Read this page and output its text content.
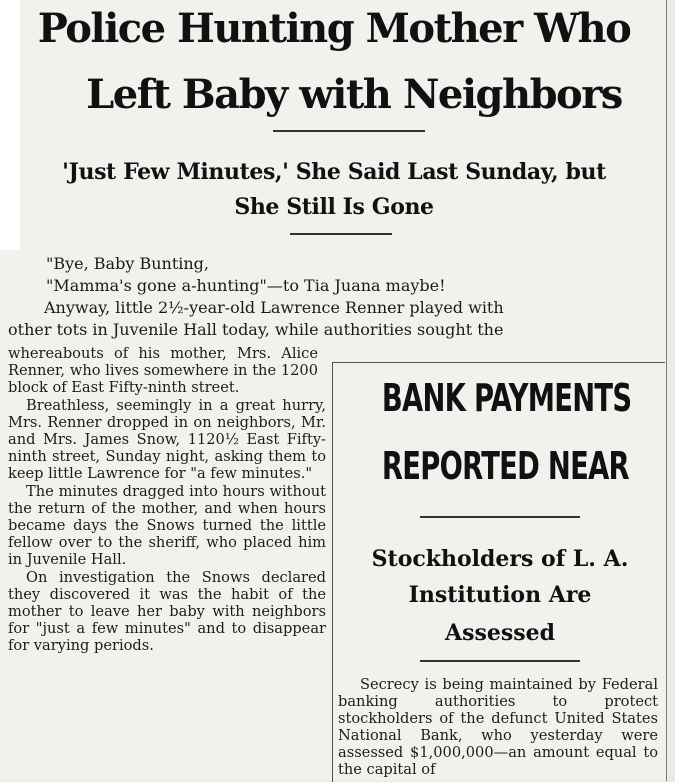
Police Hunting Mother Who
Left Baby with Neighbors
'Just Few Minutes,' She Said Last Sunday, but
She Still Is Gone
"Bye, Baby Bunting,
"Mamma's gone a-hunting"—to Tia Juana maybe!
Anyway, little 2½-year-old Lawrence Renner played with
other tots in Juvenile Hall today, while authorities sought the

whereabouts of his mother, Mrs. Alice Renner, who lives somewhere in the 1200 block of East Fifty-ninth street.

Breathless, seemingly in a great hurry, Mrs. Renner dropped in on neighbors, Mr. and Mrs. James Snow, 1120½ East Fifty-ninth street, Sunday night, asking them to keep little Lawrence for "a few minutes."

The minutes dragged into hours without the return of the mother, and when hours became days the Snows turned the little fellow over to the sheriff, who placed him in Juvenile Hall.

On investigation the Snows declared they discovered it was the habit of the mother to leave her baby with neighbors for "just a few minutes" and to disappear for varying periods.

BANK PAYMENTS
REPORTED NEAR
Stockholders of L. A.
Institution Are
Assessed

Secrecy is being maintained by Federal banking authorities to protect stockholders of the defunct United States National Bank, who yesterday were assessed $1,000,000—an amount equal to the capital of
